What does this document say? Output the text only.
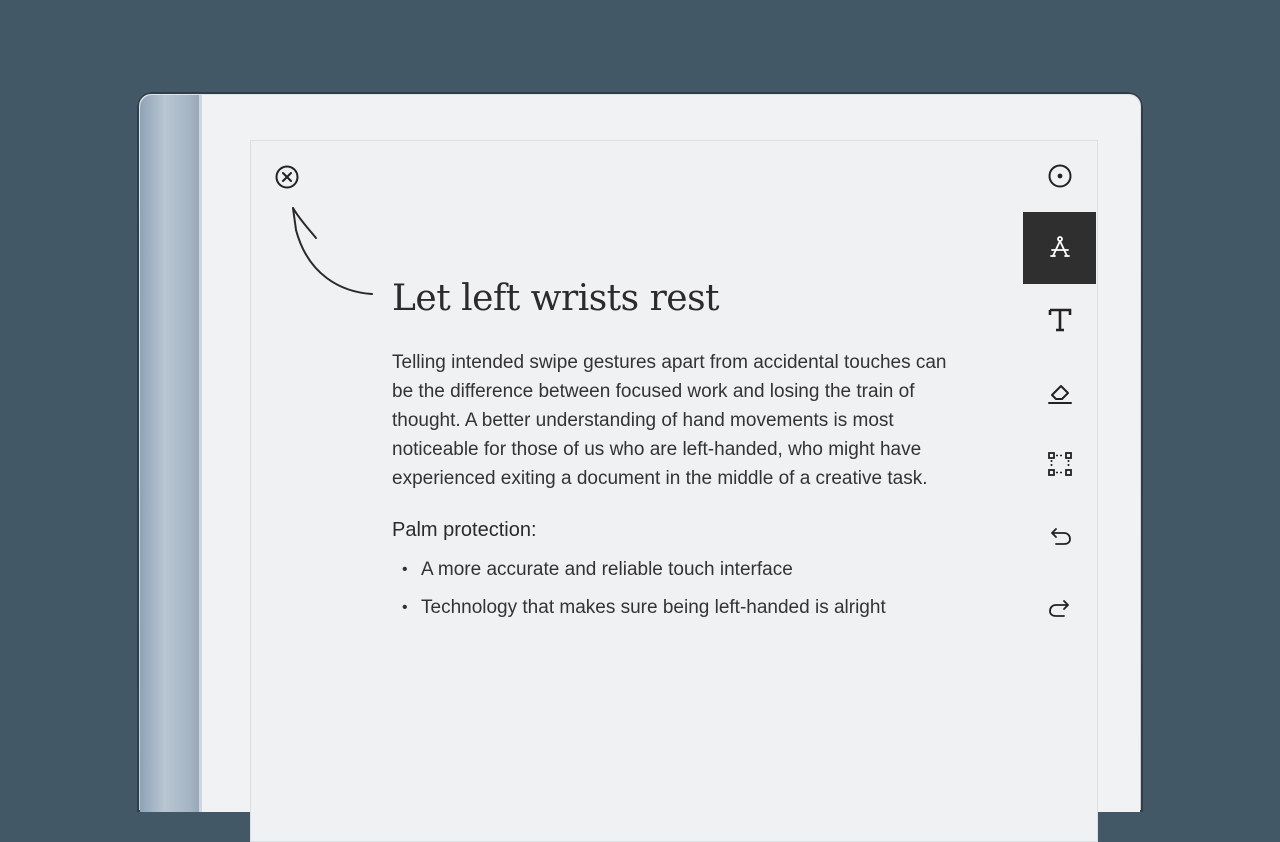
Let left wrists rest

Telling intended swipe gestures apart from accidental touches can be the difference between focused work and losing the train of thought. A better understanding of hand movements is most noticeable for those of us who are left-handed, who might have experienced exiting a document in the middle of a creative task.

Palm protection:
• A more accurate and reliable touch interface
• Technology that makes sure being left-handed is alright
